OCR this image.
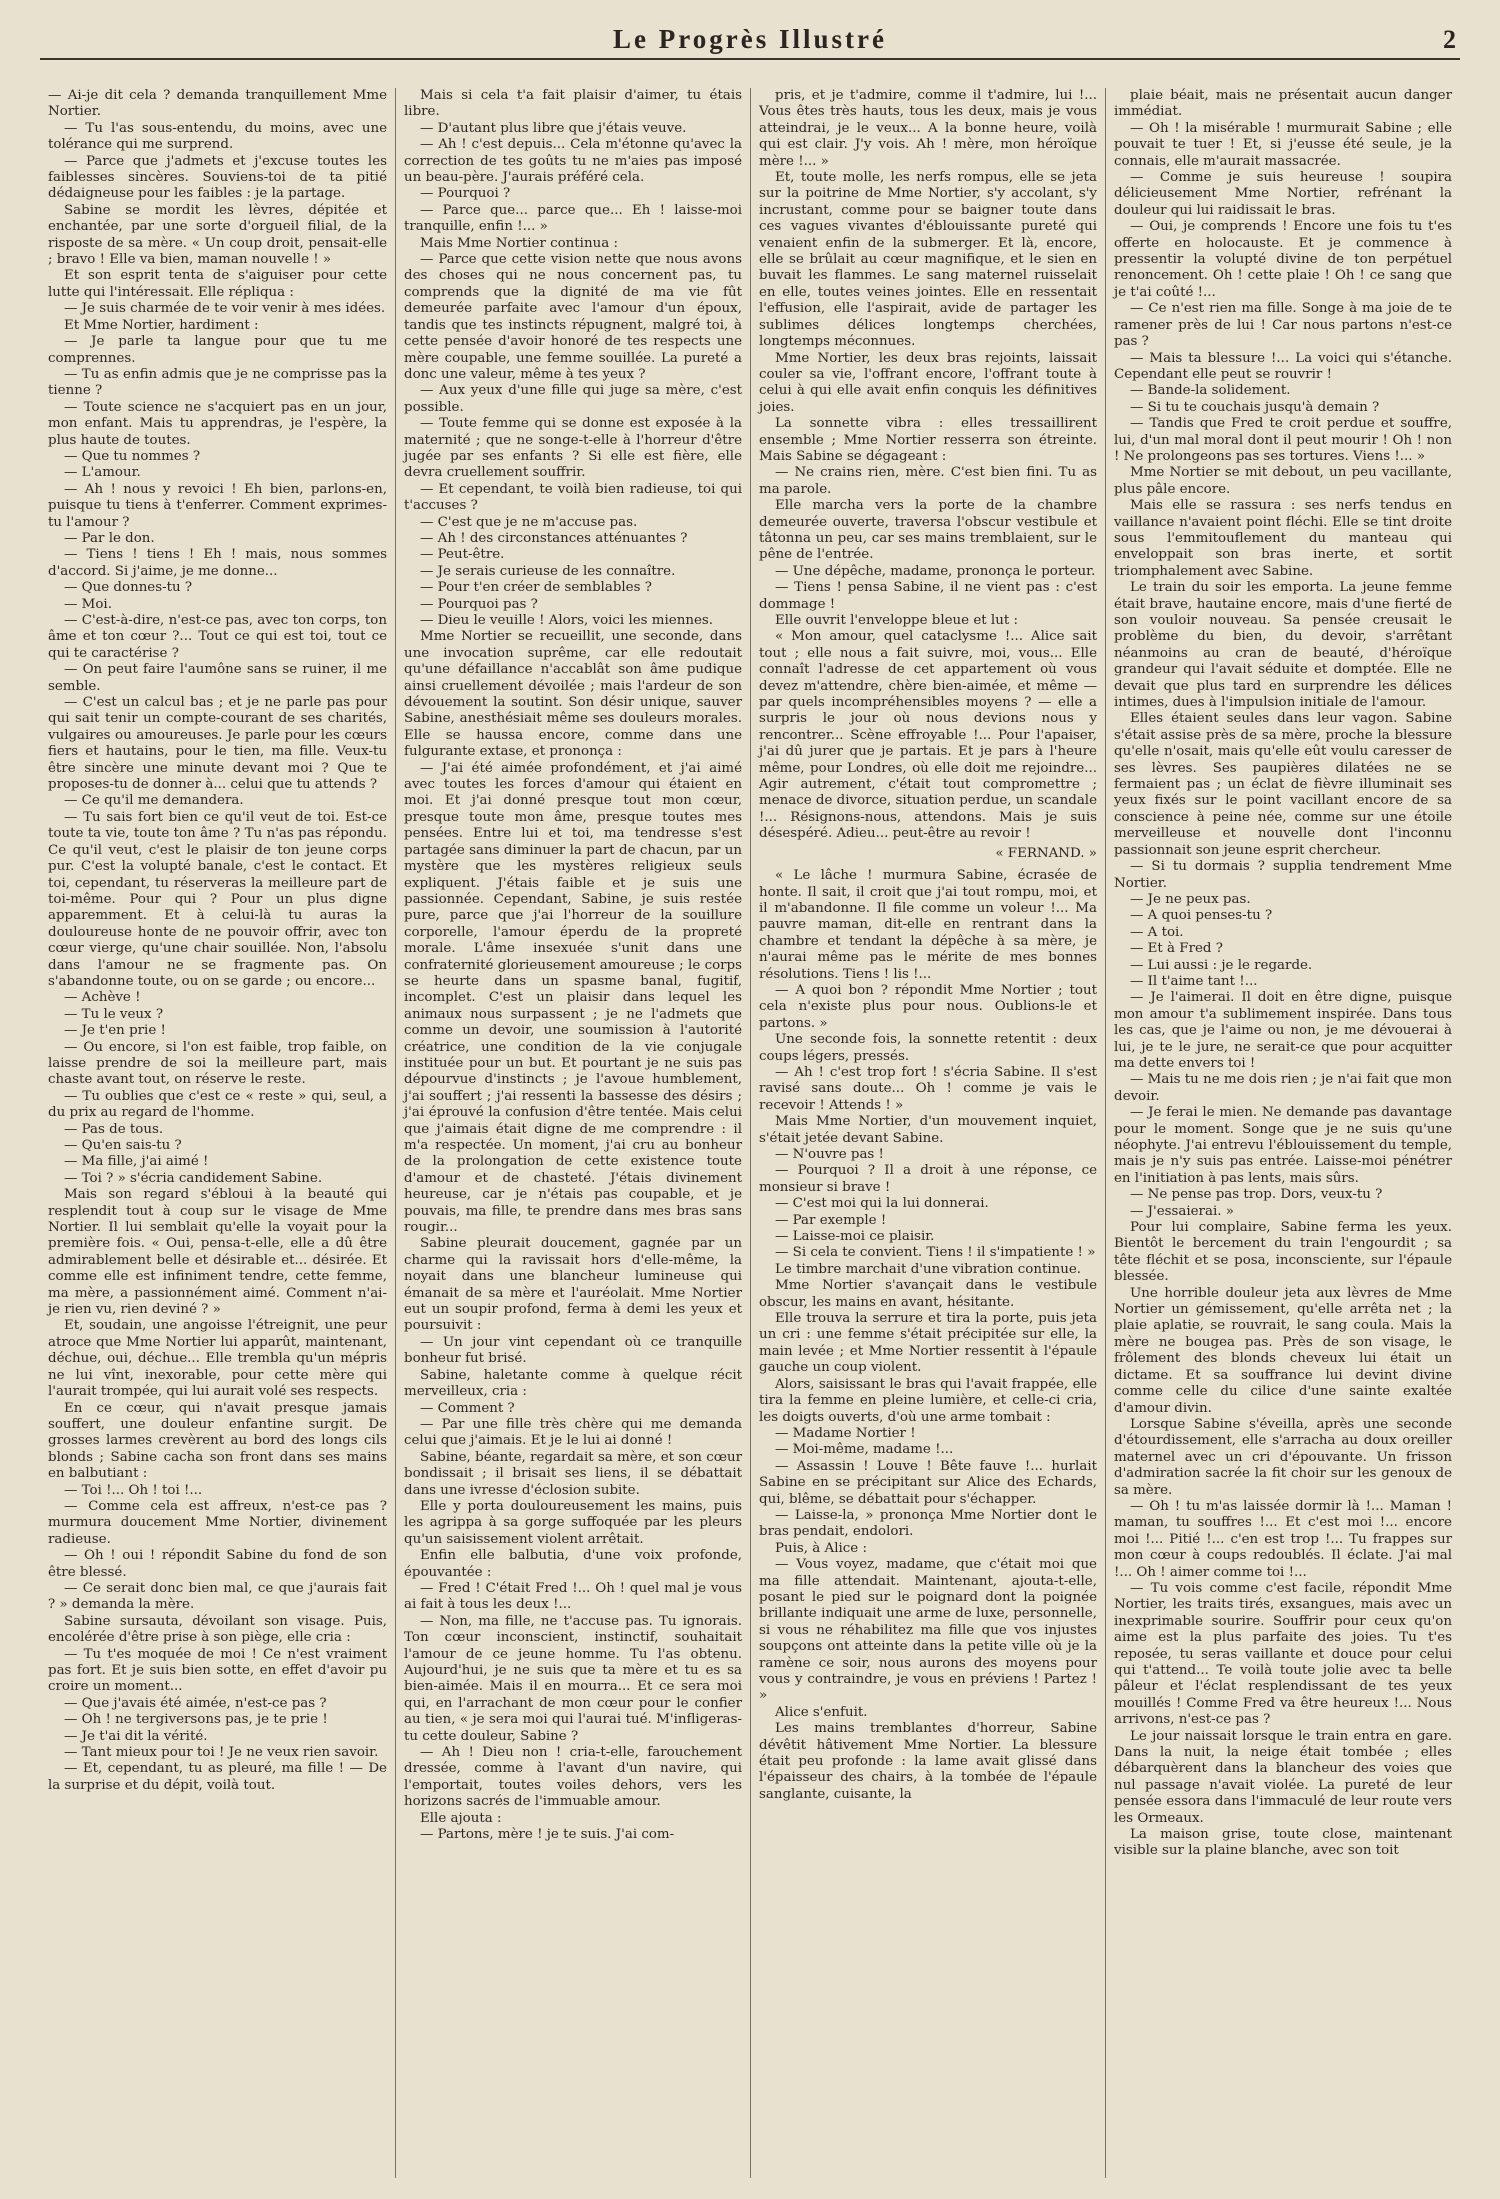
Le Progrès Illustré	2

— Ai-je dit cela ? demanda tranquillement Mme Nortier.

— Tu l'as sous-entendu, du moins, avec une tolérance qui me surprend.

— Parce que j'admets et j'excuse toutes les faiblesses sincères. Souviens-toi de ta pitié dédaigneuse pour les faibles : je la partage.

Sabine se mordit les lèvres, dépitée et enchantée, par une sorte d'orgueil filial, de la risposte de sa mère. « Un coup droit, pensait-elle ; bravo ! Elle va bien, maman nouvelle ! »

Et son esprit tenta de s'aiguiser pour cette lutte qui l'intéressait. Elle répliqua :

— Je suis charmée de te voir venir à mes idées.

Et Mme Nortier, hardiment :

— Je parle ta langue pour que tu me comprennes.

— Tu as enfin admis que je ne comprisse pas la tienne ?

— Toute science ne s'acquiert pas en un jour, mon enfant. Mais tu apprendras, je l'espère, la plus haute de toutes.

— Que tu nommes ?

— L'amour.

— Ah ! nous y revoici ! Eh bien, parlons-en, puisque tu tiens à t'enferrer. Comment exprimes-tu l'amour ?

— Par le don.

— Tiens ! tiens ! Eh ! mais, nous sommes d'accord. Si j'aime, je me donne...

— Que donnes-tu ?

— Moi.

— C'est-à-dire, n'est-ce pas, avec ton corps, ton âme et ton cœur ?... Tout ce qui est toi, tout ce qui te caractérise ?

— On peut faire l'aumône sans se ruiner, il me semble.

— C'est un calcul bas ; et je ne parle pas pour qui sait tenir un compte-courant de ses charités, vulgaires ou amoureuses. Je parle pour les cœurs fiers et hautains, pour le tien, ma fille. Veux-tu être sincère une minute devant moi ? Que te proposes-tu de donner à... celui que tu attends ?

— Ce qu'il me demandera.

— Tu sais fort bien ce qu'il veut de toi. Est-ce toute ta vie, toute ton âme ? Tu n'as pas répondu. Ce qu'il veut, c'est le plaisir de ton jeune corps pur. C'est la volupté banale, c'est le contact. Et toi, cependant, tu réserveras la meilleure part de toi-même. Pour qui ? Pour un plus digne apparemment. Et à celui-là tu auras la douloureuse honte de ne pouvoir offrir, avec ton cœur vierge, qu'une chair souillée. Non, l'absolu dans l'amour ne se fragmente pas. On s'abandonne toute, ou on se garde ; ou encore...

— Achève !

— Tu le veux ?

— Je t'en prie !

— Ou encore, si l'on est faible, trop faible, on laisse prendre de soi la meilleure part, mais chaste avant tout, on réserve le reste.

— Tu oublies que c'est ce « reste » qui, seul, a du prix au regard de l'homme.

— Pas de tous.

— Qu'en sais-tu ?

— Ma fille, j'ai aimé !

— Toi ? » s'écria candidement Sabine.

Mais son regard s'ébloui à la beauté qui resplendit tout à coup sur le visage de Mme Nortier. Il lui semblait qu'elle la voyait pour la première fois. « Oui, pensa-t-elle, elle a dû être admirablement belle et désirable et... désirée. Et comme elle est infiniment tendre, cette femme, ma mère, a passionnément aimé. Comment n'ai-je rien vu, rien deviné ? »

Et, soudain, une angoisse l'étreignit, une peur atroce que Mme Nortier lui apparût, maintenant, déchue, oui, déchue... Elle trembla qu'un mépris ne lui vînt, inexorable, pour cette mère qui l'aurait trompée, qui lui aurait volé ses respects.

En ce cœur, qui n'avait presque jamais souffert, une douleur enfantine surgit. De grosses larmes crevèrent au bord des longs cils blonds ; Sabine cacha son front dans ses mains en balbutiant :

— Toi !... Oh ! toi !...

— Comme cela est affreux, n'est-ce pas ? murmura doucement Mme Nortier, divinement radieuse.

— Oh ! oui ! répondit Sabine du fond de son être blessé.

— Ce serait donc bien mal, ce que j'aurais fait ? » demanda la mère.

Sabine sursauta, dévoilant son visage. Puis, encolérée d'être prise à son piège, elle cria :

— Tu t'es moquée de moi ! Ce n'est vraiment pas fort. Et je suis bien sotte, en effet d'avoir pu croire un moment...

— Que j'avais été aimée, n'est-ce pas ?

— Oh ! ne tergiversons pas, je te prie !

— Je t'ai dit la vérité.

— Tant mieux pour toi ! Je ne veux rien savoir.

— Et, cependant, tu as pleuré, ma fille ! — De la surprise et du dépit, voilà tout.

Mais si cela t'a fait plaisir d'aimer, tu étais libre.

— D'autant plus libre que j'étais veuve.

— Ah ! c'est depuis... Cela m'étonne qu'avec la correction de tes goûts tu ne m'aies pas imposé un beau-père. J'aurais préféré cela.

— Pourquoi ?

— Parce que... parce que... Eh ! laisse-moi tranquille, enfin !... »

Mais Mme Nortier continua :

— Parce que cette vision nette que nous avons des choses qui ne nous concernent pas, tu comprends que la dignité de ma vie fût demeurée parfaite avec l'amour d'un époux, tandis que tes instincts répugnent, malgré toi, à cette pensée d'avoir honoré de tes respects une mère coupable, une femme souillée. La pureté a donc une valeur, même à tes yeux ?

— Aux yeux d'une fille qui juge sa mère, c'est possible.

— Toute femme qui se donne est exposée à la maternité ; que ne songe-t-elle à l'horreur d'être jugée par ses enfants ? Si elle est fière, elle devra cruellement souffrir.

— Et cependant, te voilà bien radieuse, toi qui t'accuses ?

— C'est que je ne m'accuse pas.

— Ah ! des circonstances atténuantes ?

— Peut-être.

— Je serais curieuse de les connaître.

— Pour t'en créer de semblables ?

— Pourquoi pas ?

— Dieu le veuille ! Alors, voici les miennes.

Mme Nortier se recueillit, une seconde, dans une invocation suprême, car elle redoutait qu'une défaillance n'accablât son âme pudique ainsi cruellement dévoilée ; mais l'ardeur de son dévouement la soutint. Son désir unique, sauver Sabine, anesthésiait même ses douleurs morales. Elle se haussa encore, comme dans une fulgurante extase, et prononça :

— J'ai été aimée profondément, et j'ai aimé avec toutes les forces d'amour qui étaient en moi. Et j'ai donné presque tout mon cœur, presque toute mon âme, presque toutes mes pensées. Entre lui et toi, ma tendresse s'est partagée sans diminuer la part de chacun, par un mystère que les mystères religieux seuls expliquent. J'étais faible et je suis une passionnée. Cependant, Sabine, je suis restée pure, parce que j'ai l'horreur de la souillure corporelle, l'amour éperdu de la propreté morale. L'âme insexuée s'unit dans une confraternité glorieusement amoureuse ; le corps se heurte dans un spasme banal, fugitif, incomplet. C'est un plaisir dans lequel les animaux nous surpassent ; je ne l'admets que comme un devoir, une soumission à l'autorité créatrice, une condition de la vie conjugale instituée pour un but. Et pourtant je ne suis pas dépourvue d'instincts ; je l'avoue humblement, j'ai souffert ; j'ai ressenti la bassesse des désirs ; j'ai éprouvé la confusion d'être tentée. Mais celui que j'aimais était digne de me comprendre : il m'a respectée. Un moment, j'ai cru au bonheur de la prolongation de cette existence toute d'amour et de chasteté. J'étais divinement heureuse, car je n'étais pas coupable, et je pouvais, ma fille, te prendre dans mes bras sans rougir...

Sabine pleurait doucement, gagnée par un charme qui la ravissait hors d'elle-même, la noyait dans une blancheur lumineuse qui émanait de sa mère et l'auréolait. Mme Nortier eut un soupir profond, ferma à demi les yeux et poursuivit :

— Un jour vint cependant où ce tranquille bonheur fut brisé.

Sabine, haletante comme à quelque récit merveilleux, cria :

— Comment ?

— Par une fille très chère qui me demanda celui que j'aimais. Et je le lui ai donné !

Sabine, béante, regardait sa mère, et son cœur bondissait ; il brisait ses liens, il se débattait dans une ivresse d'éclosion subite.

Elle y porta douloureusement les mains, puis les agrippa à sa gorge suffoquée par les pleurs qu'un saisissement violent arrêtait.

Enfin elle balbutia, d'une voix profonde, épouvantée :

— Fred ! C'était Fred !... Oh ! quel mal je vous ai fait à tous les deux !...

— Non, ma fille, ne t'accuse pas. Tu ignorais. Ton cœur inconscient, instinctif, souhaitait l'amour de ce jeune homme. Tu l'as obtenu. Aujourd'hui, je ne suis que ta mère et tu es sa bien-aimée. Mais il en mourra... Et ce sera moi qui, en l'arrachant de mon cœur pour le confier au tien, « je sera moi qui l'aurai tué. M'infligeras-tu cette douleur, Sabine ?

— Ah ! Dieu non ! cria-t-elle, farouchement dressée, comme à l'avant d'un navire, qui l'emportait, toutes voiles dehors, vers les horizons sacrés de l'immuable amour.

Elle ajouta :

— Partons, mère ! je te suis. J'ai com-

pris, et je t'admire, comme il t'admire, lui !... Vous êtes très hauts, tous les deux, mais je vous atteindrai, je le veux... A la bonne heure, voilà qui est clair. J'y vois. Ah ! mère, mon héroïque mère !... »

Et, toute molle, les nerfs rompus, elle se jeta sur la poitrine de Mme Nortier, s'y accolant, s'y incrustant, comme pour se baigner toute dans ces vagues vivantes d'éblouissante pureté qui venaient enfin de la submerger. Et là, encore, elle se brûlait au cœur magnifique, et le sien en buvait les flammes. Le sang maternel ruisselait en elle, toutes veines jointes. Elle en ressentait l'effusion, elle l'aspirait, avide de partager les sublimes délices longtemps cherchées, longtemps méconnues.

Mme Nortier, les deux bras rejoints, laissait couler sa vie, l'offrant encore, l'offrant toute à celui à qui elle avait enfin conquis les définitives joies.

La sonnette vibra : elles tressaillirent ensemble ; Mme Nortier resserra son étreinte. Mais Sabine se dégageant :

— Ne crains rien, mère. C'est bien fini. Tu as ma parole.

Elle marcha vers la porte de la chambre demeurée ouverte, traversa l'obscur vestibule et tâtonna un peu, car ses mains tremblaient, sur le pêne de l'entrée.

— Une dépêche, madame, prononça le porteur.

— Tiens ! pensa Sabine, il ne vient pas : c'est dommage !

Elle ouvrit l'enveloppe bleue et lut :

« Mon amour, quel cataclysme !... Alice sait tout ; elle nous a fait suivre, moi, vous... Elle connaît l'adresse de cet appartement où vous devez m'attendre, chère bien-aimée, et même — par quels incompréhensibles moyens ? — elle a surpris le jour où nous devions nous y rencontrer... Scène effroyable !... Pour l'apaiser, j'ai dû jurer que je partais. Et je pars à l'heure même, pour Londres, où elle doit me rejoindre... Agir autrement, c'était tout compromettre ; menace de divorce, situation perdue, un scandale !... Résignons-nous, attendons. Mais je suis désespéré. Adieu... peut-être au revoir !

« FERNAND. »

« Le lâche ! murmura Sabine, écrasée de honte. Il sait, il croit que j'ai tout rompu, moi, et il m'abandonne. Il file comme un voleur !... Ma pauvre maman, dit-elle en rentrant dans la chambre et tendant la dépêche à sa mère, je n'aurai même pas le mérite de mes bonnes résolutions. Tiens ! lis !...

— A quoi bon ? répondit Mme Nortier ; tout cela n'existe plus pour nous. Oublions-le et partons. »

Une seconde fois, la sonnette retentit : deux coups légers, pressés.

— Ah ! c'est trop fort ! s'écria Sabine. Il s'est ravisé sans doute... Oh ! comme je vais le recevoir ! Attends ! »

Mais Mme Nortier, d'un mouvement inquiet, s'était jetée devant Sabine.

— N'ouvre pas !

— Pourquoi ? Il a droit à une réponse, ce monsieur si brave !

— C'est moi qui la lui donnerai.

— Par exemple !

— Laisse-moi ce plaisir.

— Si cela te convient. Tiens ! il s'impatiente ! »

Le timbre marchait d'une vibration continue.

Mme Nortier s'avançait dans le vestibule obscur, les mains en avant, hésitante.

Elle trouva la serrure et tira la porte, puis jeta un cri : une femme s'était précipitée sur elle, la main levée ; et Mme Nortier ressentit à l'épaule gauche un coup violent.

Alors, saisissant le bras qui l'avait frappée, elle tira la femme en pleine lumière, et celle-ci cria, les doigts ouverts, d'où une arme tombait :

— Madame Nortier !

— Moi-même, madame !...

— Assassin ! Louve ! Bête fauve !... hurlait Sabine en se précipitant sur Alice des Echards, qui, blême, se débattait pour s'échapper.

— Laisse-la, » prononça Mme Nortier dont le bras pendait, endolori.

Puis, à Alice :

— Vous voyez, madame, que c'était moi que ma fille attendait. Maintenant, ajouta-t-elle, posant le pied sur le poignard dont la poignée brillante indiquait une arme de luxe, personnelle, si vous ne réhabilitez ma fille que vos injustes soupçons ont atteinte dans la petite ville où je la ramène ce soir, nous aurons des moyens pour vous y contraindre, je vous en préviens ! Partez ! »

Alice s'enfuit.

Les mains tremblantes d'horreur, Sabine dévêtit hâtivement Mme Nortier. La blessure était peu profonde : la lame avait glissé dans l'épaisseur des chairs, à la tombée de l'épaule sanglante, cuisante, la

plaie béait, mais ne présentait aucun danger immédiat.

— Oh ! la misérable ! murmurait Sabine ; elle pouvait te tuer ! Et, si j'eusse été seule, je la connais, elle m'aurait massacrée.

— Comme je suis heureuse ! soupira délicieusement Mme Nortier, refrénant la douleur qui lui raidissait le bras.

— Oui, je comprends ! Encore une fois tu t'es offerte en holocauste. Et je commence à pressentir la volupté divine de ton perpétuel renoncement. Oh ! cette plaie ! Oh ! ce sang que je t'ai coûté !...

— Ce n'est rien ma fille. Songe à ma joie de te ramener près de lui ! Car nous partons n'est-ce pas ?

— Mais ta blessure !... La voici qui s'étanche. Cependant elle peut se rouvrir !

— Bande-la solidement.

— Si tu te couchais jusqu'à demain ?

— Tandis que Fred te croit perdue et souffre, lui, d'un mal moral dont il peut mourir ! Oh ! non ! Ne prolongeons pas ses tortures. Viens !... »

Mme Nortier se mit debout, un peu vacillante, plus pâle encore.

Mais elle se rassura : ses nerfs tendus en vaillance n'avaient point fléchi. Elle se tint droite sous l'emmitouflement du manteau qui enveloppait son bras inerte, et sortit triomphalement avec Sabine.

Le train du soir les emporta. La jeune femme était brave, hautaine encore, mais d'une fierté de son vouloir nouveau. Sa pensée creusait le problème du bien, du devoir, s'arrêtant néanmoins au cran de beauté, d'héroïque grandeur qui l'avait séduite et domptée. Elle ne devait que plus tard en surprendre les délices intimes, dues à l'impulsion initiale de l'amour.

Elles étaient seules dans leur vagon. Sabine s'était assise près de sa mère, proche la blessure qu'elle n'osait, mais qu'elle eût voulu caresser de ses lèvres. Ses paupières dilatées ne se fermaient pas ; un éclat de fièvre illuminait ses yeux fixés sur le point vacillant encore de sa conscience à peine née, comme sur une étoile merveilleuse et nouvelle dont l'inconnu passionnait son jeune esprit chercheur.

— Si tu dormais ? supplia tendrement Mme Nortier.

— Je ne peux pas.

— A quoi penses-tu ?

— A toi.

— Et à Fred ?

— Lui aussi : je le regarde.

— Il t'aime tant !...

— Je l'aimerai. Il doit en être digne, puisque mon amour t'a sublimement inspirée. Dans tous les cas, que je l'aime ou non, je me dévouerai à lui, je te le jure, ne serait-ce que pour acquitter ma dette envers toi !

— Mais tu ne me dois rien ; je n'ai fait que mon devoir.

— Je ferai le mien. Ne demande pas davantage pour le moment. Songe que je ne suis qu'une néophyte. J'ai entrevu l'éblouissement du temple, mais je n'y suis pas entrée. Laisse-moi pénétrer en l'initiation à pas lents, mais sûrs.

— Ne pense pas trop. Dors, veux-tu ?

— J'essaierai. »

Pour lui complaire, Sabine ferma les yeux. Bientôt le bercement du train l'engourdit ; sa tête fléchit et se posa, inconsciente, sur l'épaule blessée.

Une horrible douleur jeta aux lèvres de Mme Nortier un gémissement, qu'elle arrêta net ; la plaie aplatie, se rouvrait, le sang coula. Mais la mère ne bougea pas. Près de son visage, le frôlement des blonds cheveux lui était un dictame. Et sa souffrance lui devint divine comme celle du cilice d'une sainte exaltée d'amour divin.

Lorsque Sabine s'éveilla, après une seconde d'étourdissement, elle s'arracha au doux oreiller maternel avec un cri d'épouvante. Un frisson d'admiration sacrée la fit choir sur les genoux de sa mère.

— Oh ! tu m'as laissée dormir là !... Maman ! maman, tu souffres !... Et c'est moi !... encore moi !... Pitié !... c'en est trop !... Tu frappes sur mon cœur à coups redoublés. Il éclate. J'ai mal !... Oh ! aimer comme toi !...

— Tu vois comme c'est facile, répondit Mme Nortier, les traits tirés, exsangues, mais avec un inexprimable sourire. Souffrir pour ceux qu'on aime est la plus parfaite des joies. Tu t'es reposée, tu seras vaillante et douce pour celui qui t'attend... Te voilà toute jolie avec ta belle pâleur et l'éclat resplendissant de tes yeux mouillés ! Comme Fred va être heureux !... Nous arrivons, n'est-ce pas ?

Le jour naissait lorsque le train entra en gare. Dans la nuit, la neige était tombée ; elles débarquèrent dans la blancheur des voies que nul passage n'avait violée. La pureté de leur pensée essora dans l'immaculé de leur route vers les Ormeaux.

La maison grise, toute close, maintenant visible sur la plaine blanche, avec son toit
